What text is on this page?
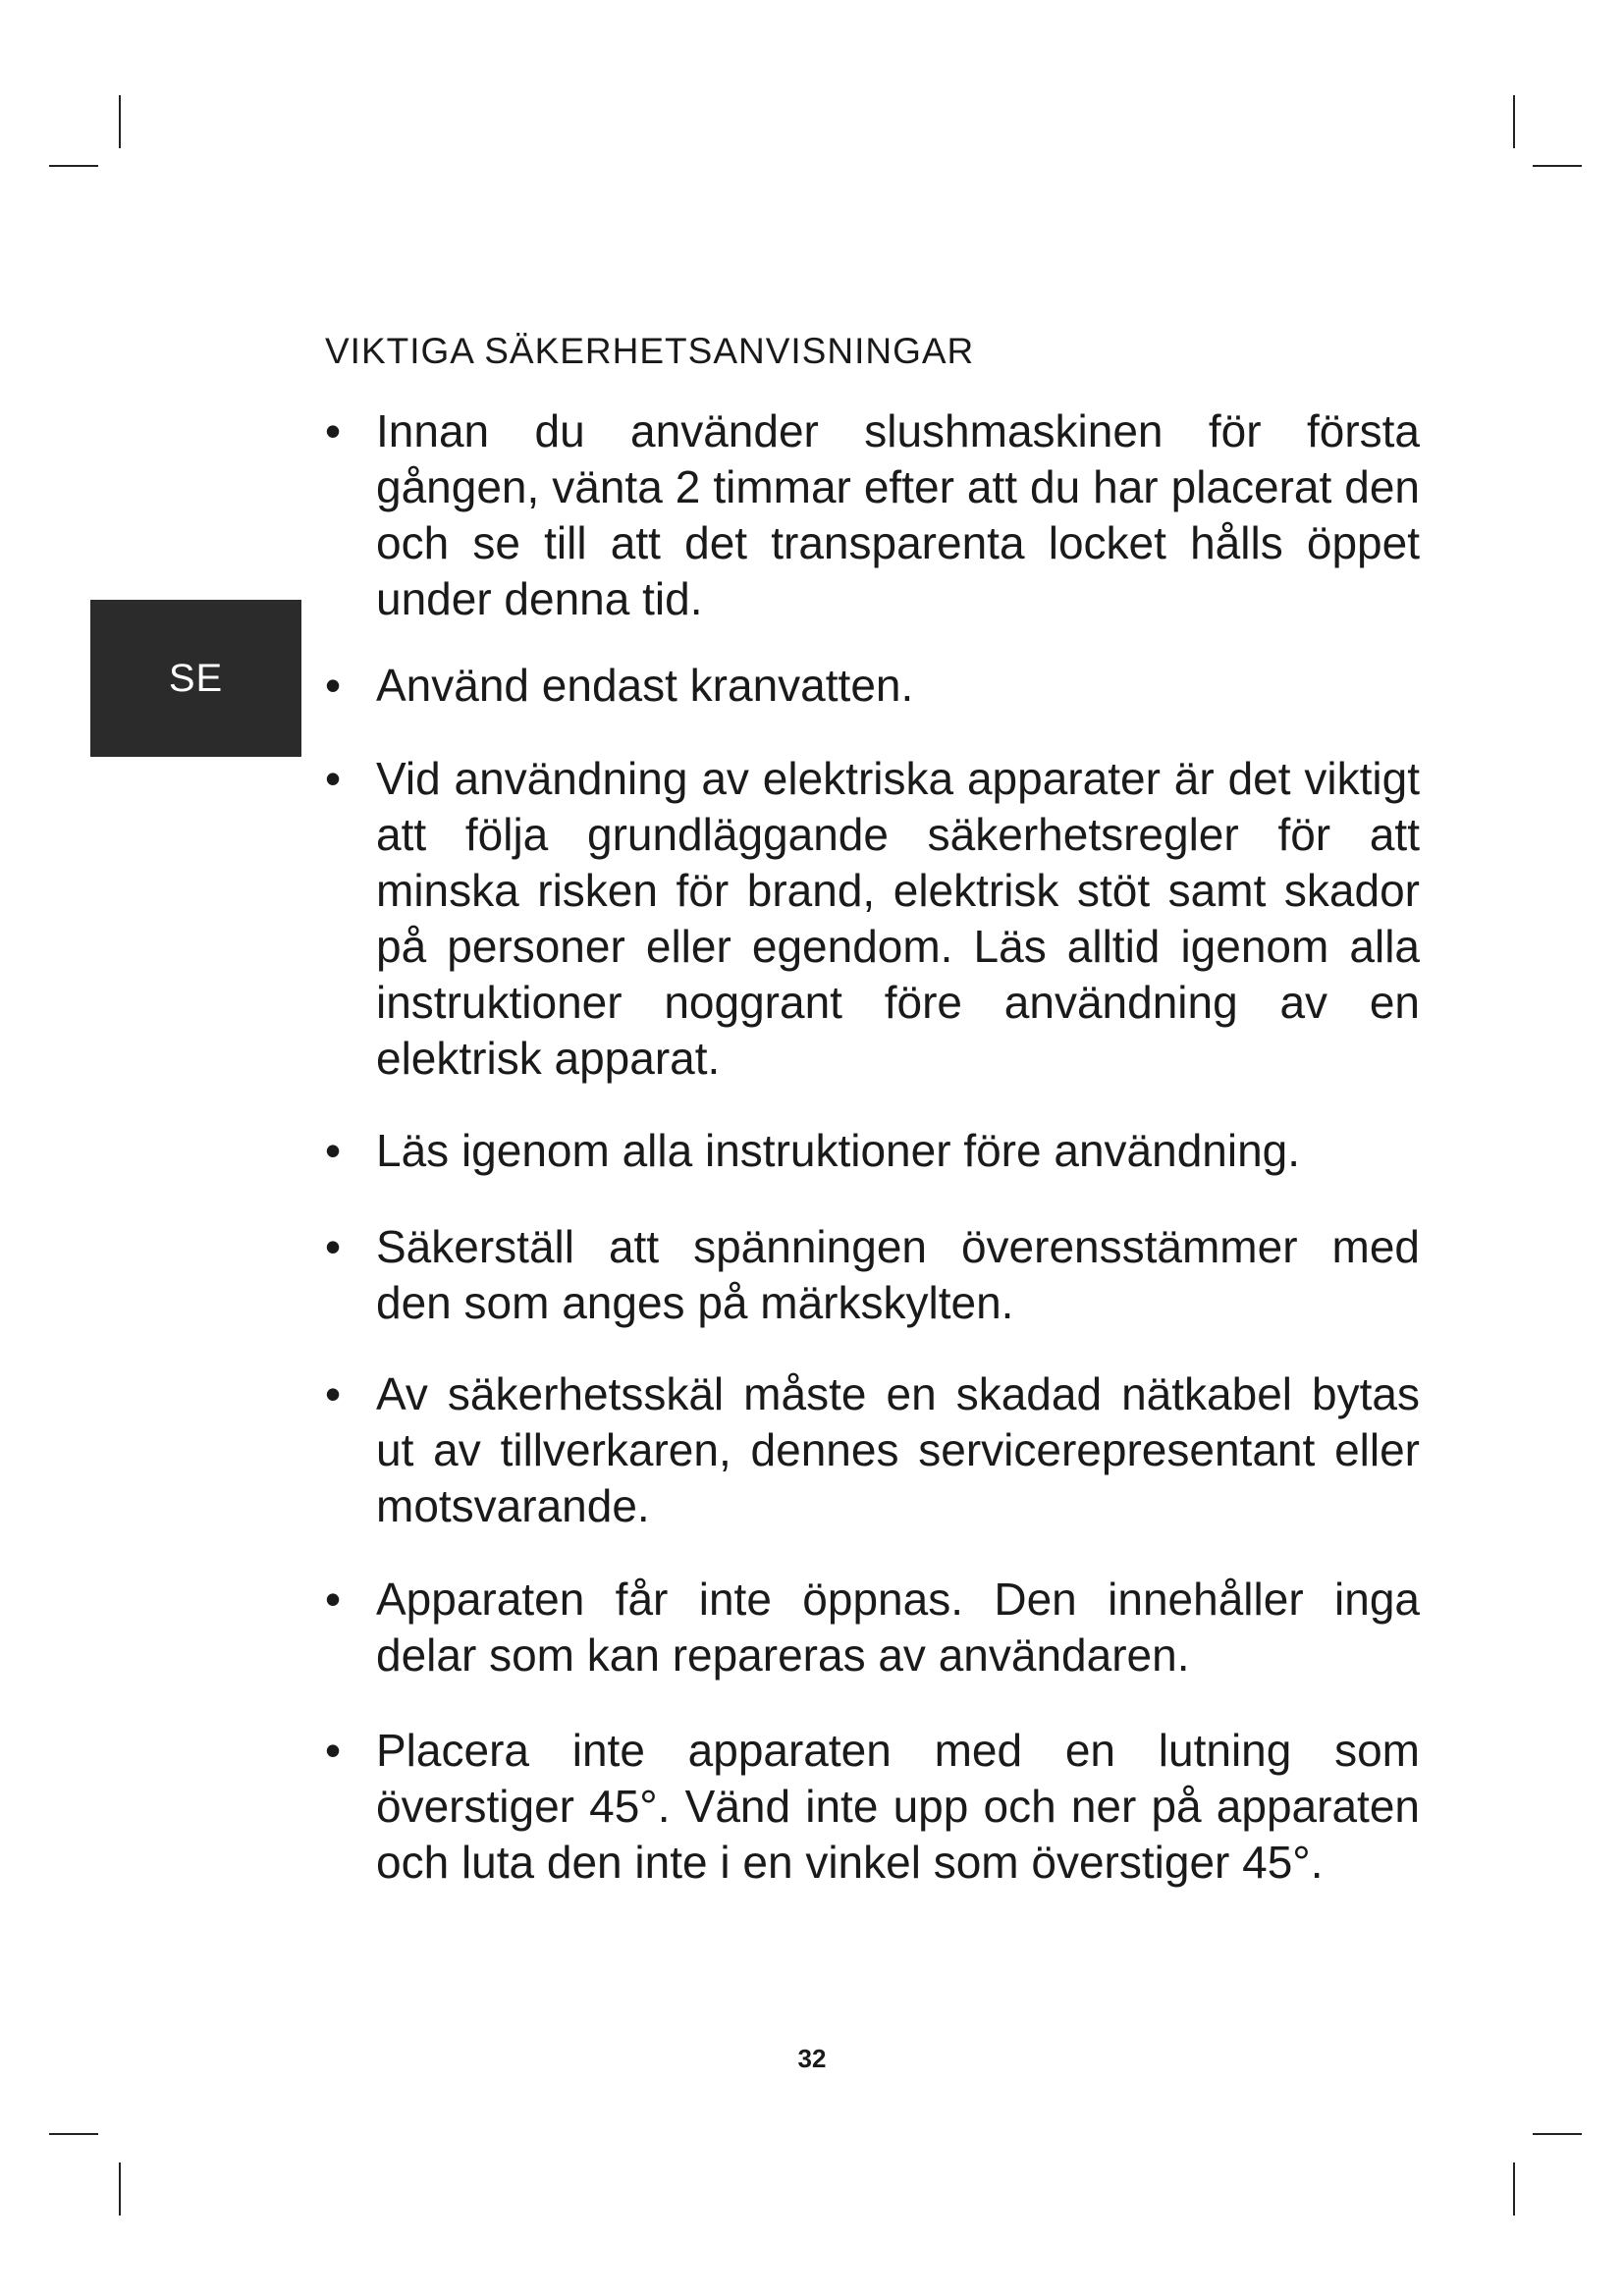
SE
VIKTIGA SÄKERHETSANVISNINGAR
• Innan du använder slushmaskinen för första gången, vänta 2 timmar efter att du har placerat den och se till att det transparenta locket hålls öppet under denna tid.
• Använd endast kranvatten.
• Vid användning av elektriska apparater är det viktigt att följa grundläggande säkerhetsregler för att minska risken för brand, elektrisk stöt samt skador på personer eller egendom. Läs alltid igenom alla instruktioner noggrant före användning av en elektrisk apparat.
• Läs igenom alla instruktioner före användning.
• Säkerställ att spänningen överensstämmer med den som anges på märkskylten.
• Av säkerhetsskäl måste en skadad nätkabel bytas ut av tillverkaren, dennes servicerepresentant eller motsvarande.
• Apparaten får inte öppnas. Den innehåller inga delar som kan repareras av användaren.
• Placera inte apparaten med en lutning som överstiger 45°. Vänd inte upp och ner på apparaten och luta den inte i en vinkel som överstiger 45°.
32
